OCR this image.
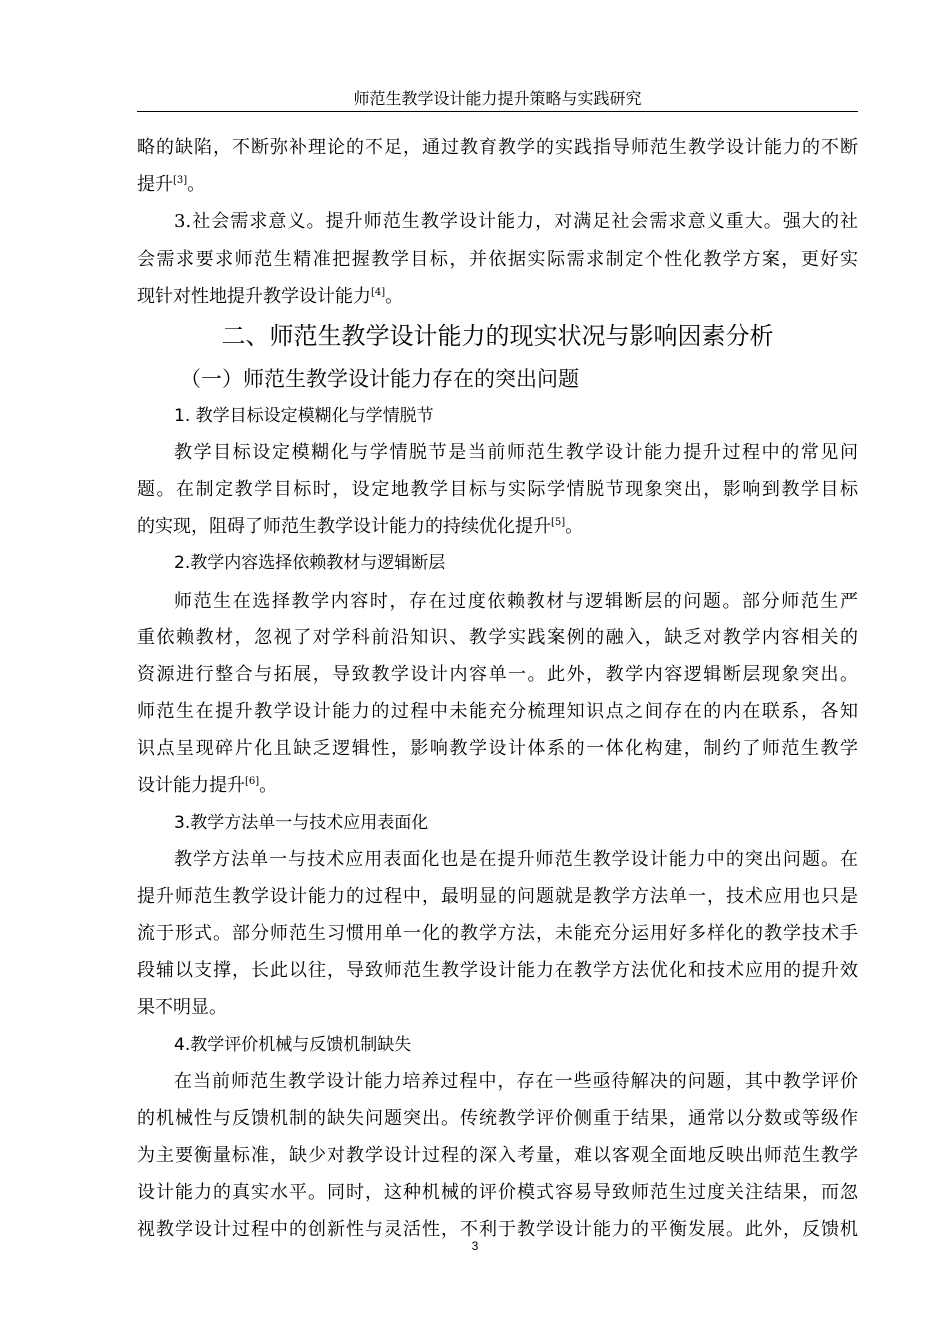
师范生教学设计能力提升策略与实践研究
略的缺陷，不断弥补理论的不足，通过教育教学的实践指导师范生教学设计能力的不断
提升[3]。
3.社会需求意义。提升师范生教学设计能力，对满足社会需求意义重大。强大的社
会需求要求师范生精准把握教学目标，并依据实际需求制定个性化教学方案，更好实
现针对性地提升教学设计能力[4]。
二、师范生教学设计能力的现实状况与影响因素分析
（一）师范生教学设计能力存在的突出问题
1. 教学目标设定模糊化与学情脱节
教学目标设定模糊化与学情脱节是当前师范生教学设计能力提升过程中的常见问
题。在制定教学目标时，设定地教学目标与实际学情脱节现象突出，影响到教学目标
的实现，阻碍了师范生教学设计能力的持续优化提升[5]。
2.教学内容选择依赖教材与逻辑断层
师范生在选择教学内容时，存在过度依赖教材与逻辑断层的问题。部分师范生严
重依赖教材，忽视了对学科前沿知识、教学实践案例的融入，缺乏对教学内容相关的
资源进行整合与拓展，导致教学设计内容单一。此外，教学内容逻辑断层现象突出。
师范生在提升教学设计能力的过程中未能充分梳理知识点之间存在的内在联系，各知
识点呈现碎片化且缺乏逻辑性，影响教学设计体系的一体化构建，制约了师范生教学
设计能力提升[6]。
3.教学方法单一与技术应用表面化
教学方法单一与技术应用表面化也是在提升师范生教学设计能力中的突出问题。在
提升师范生教学设计能力的过程中，最明显的问题就是教学方法单一，技术应用也只是
流于形式。部分师范生习惯用单一化的教学方法，未能充分运用好多样化的教学技术手
段辅以支撑，长此以往，导致师范生教学设计能力在教学方法优化和技术应用的提升效
果不明显。
4.教学评价机械与反馈机制缺失
在当前师范生教学设计能力培养过程中，存在一些亟待解决的问题，其中教学评价
的机械性与反馈机制的缺失问题突出。传统教学评价侧重于结果，通常以分数或等级作
为主要衡量标准，缺少对教学设计过程的深入考量，难以客观全面地反映出师范生教学
设计能力的真实水平。同时，这种机械的评价模式容易导致师范生过度关注结果，而忽
视教学设计过程中的创新性与灵活性，不利于教学设计能力的平衡发展。此外，反馈机
3
